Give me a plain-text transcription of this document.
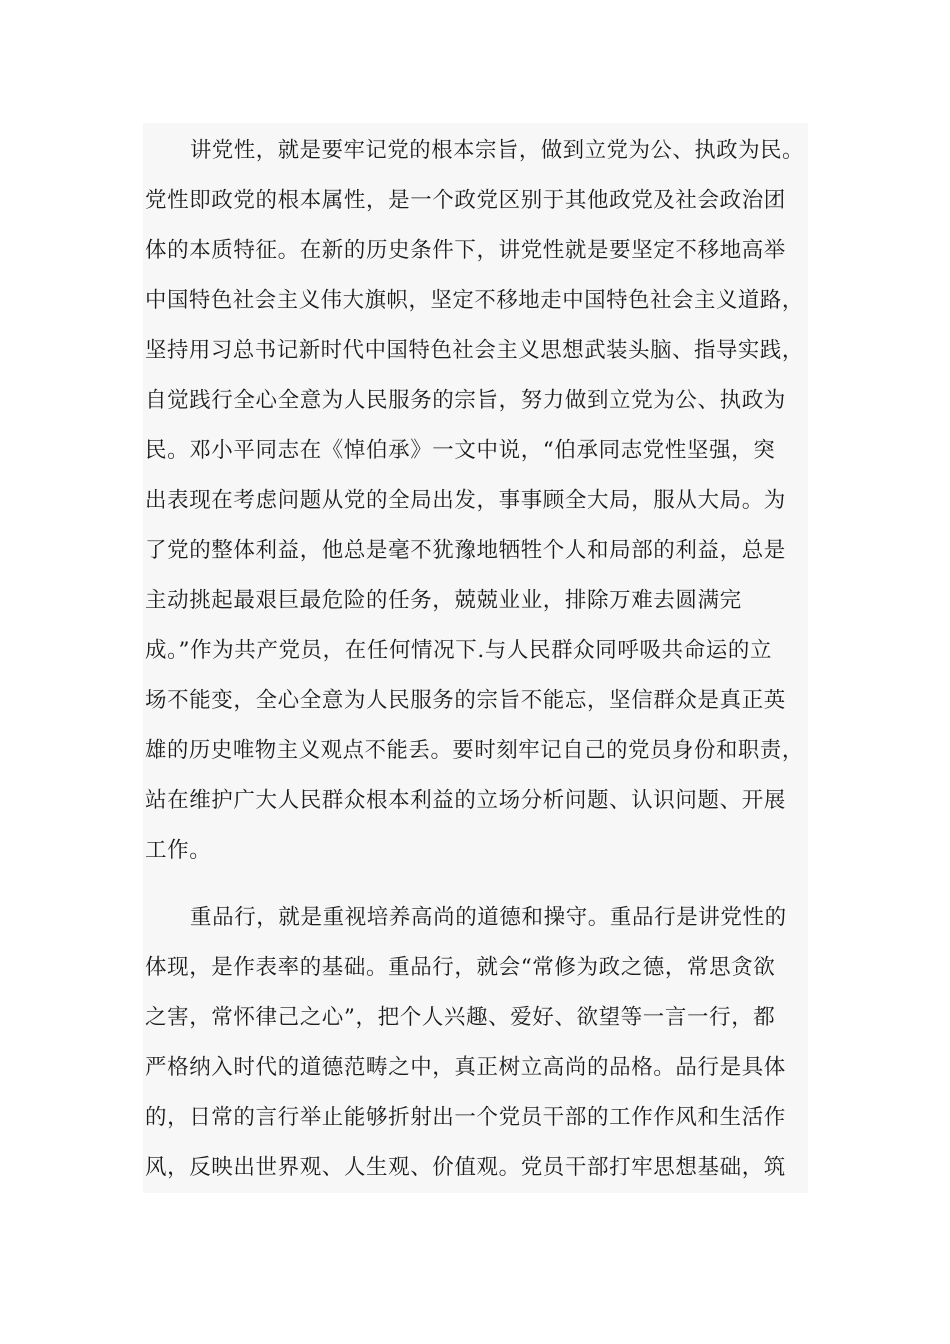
讲党性，就是要牢记党的根本宗旨，做到立党为公、执政为民。
党性即政党的根本属性，是一个政党区别于其他政党及社会政治团
体的本质特征。在新的历史条件下，讲党性就是要坚定不移地高举
中国特色社会主义伟大旗帜，坚定不移地走中国特色社会主义道路，
坚持用习总书记新时代中国特色社会主义思想武装头脑、指导实践，
自觉践行全心全意为人民服务的宗旨，努力做到立党为公、执政为
民。邓小平同志在《悼伯承》一文中说，“伯承同志党性坚强，突
出表现在考虑问题从党的全局出发，事事顾全大局，服从大局。为
了党的整体利益，他总是毫不犹豫地牺牲个人和局部的利益，总是
主动挑起最艰巨最危险的任务，兢兢业业，排除万难去圆满完
成。”作为共产党员，在任何情况下.与人民群众同呼吸共命运的立
场不能变，全心全意为人民服务的宗旨不能忘，坚信群众是真正英
雄的历史唯物主义观点不能丢。要时刻牢记自己的党员身份和职责，
站在维护广大人民群众根本利益的立场分析问题、认识问题、开展
工作。
重品行，就是重视培养高尚的道德和操守。重品行是讲党性的
体现，是作表率的基础。重品行，就会“常修为政之德，常思贪欲
之害，常怀律己之心”，把个人兴趣、爱好、欲望等一言一行，都
严格纳入时代的道德范畴之中，真正树立高尚的品格。品行是具体
的，日常的言行举止能够折射出一个党员干部的工作作风和生活作
风，反映出世界观、人生观、价值观。党员干部打牢思想基础，筑
